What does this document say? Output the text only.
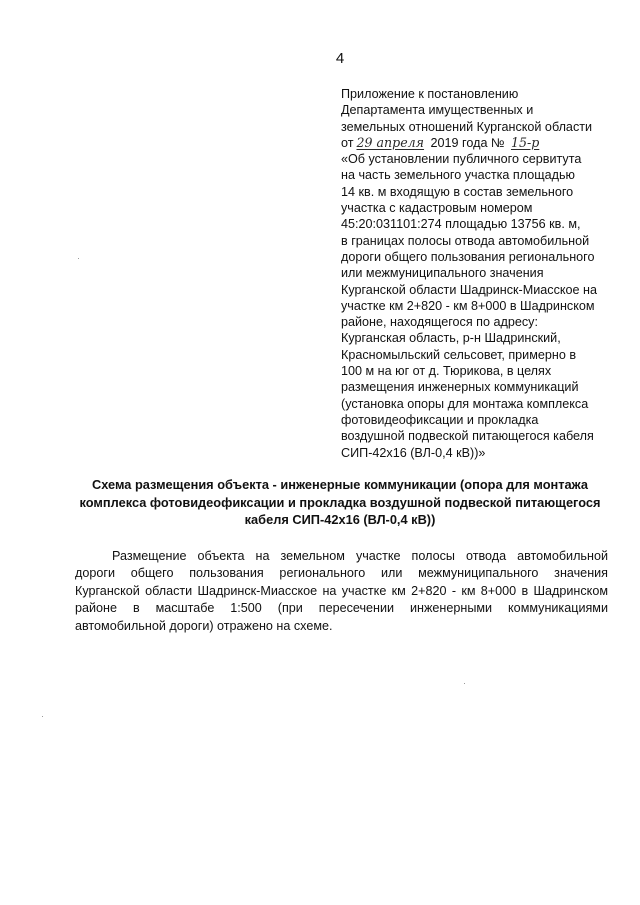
4
Приложение к постановлению
Департамента имущественных и
земельных отношений Курганской области
от 29 апреля 2019 года № 15-р
«Об установлении публичного сервитута
на часть земельного участка площадью
14 кв. м входящую в состав земельного
участка с кадастровым номером
45:20:031101:274 площадью 13756 кв. м,
в границах полосы отвода автомобильной
дороги общего пользования регионального
или межмуниципального значения
Курганской области Шадринск-Миасское на
участке км 2+820 - км 8+000 в Шадринском
районе, находящегося по адресу:
Курганская область, р-н Шадринский,
Красномыльский сельсовет, примерно в
100 м на юг от д. Тюрикова, в целях
размещения инженерных коммуникаций
(установка опоры для монтажа комплекса
фотовидеофиксации и прокладка
воздушной подвеской питающегося кабеля
СИП-42х16 (ВЛ-0,4 кВ))»
Схема размещения объекта - инженерные коммуникации (опора для монтажа
комплекса фотовидеофиксации и прокладка воздушной подвеской питающегося
кабеля СИП-42х16 (ВЛ-0,4 кВ))
Размещение объекта на земельном участке полосы отвода автомобильной
дороги общего пользования регионального или межмуниципального значения
Курганской области Шадринск-Миасское на участке км 2+820 - км 8+000 в Шадринском
районе в масштабе 1:500 (при пересечении инженерными коммуникациями
автомобильной дороги) отражено на схеме.
